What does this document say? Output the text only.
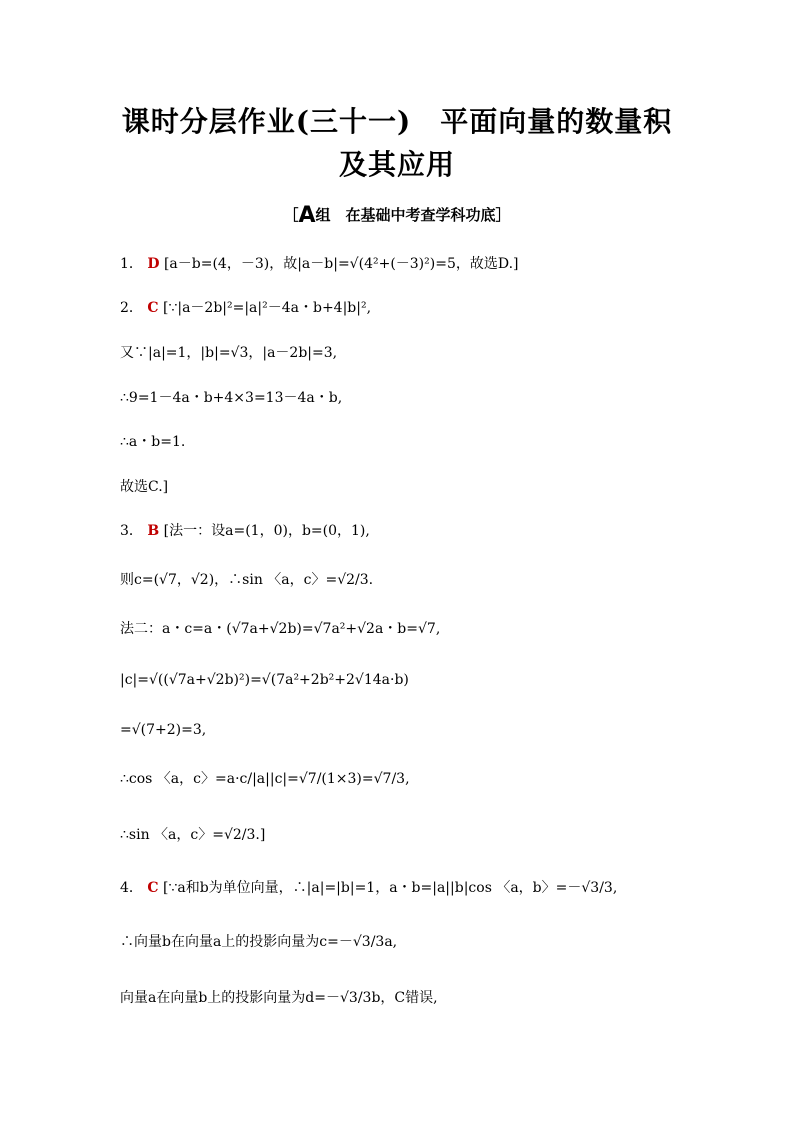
课时分层作业(三十一)　平面向量的数量积
及其应用
［A组　在基础中考查学科功底］
1． D [a－b=(4，－3)，故|a－b|=√(4²+(－3)²)=5，故选D.]
2． C [∵|a－2b|²=|a|²－4a・b+4|b|²,
又∵|a|=1，|b|=√3，|a－2b|=3,
∴9=1－4a・b+4×3=13－4a・b,
∴a・b=1.
故选C.]
3． B [法一：设a=(1，0)，b=(0，1),
则c=(√7，√2)，∴sin 〈a，c〉=√2/3.
法二：a・c=a・(√7a+√2b)=√7a²+√2a・b=√7,
|c|=√((√7a+√2b)²)=√(7a²+2b²+2√14a·b)
=√(7+2)=3,
∴cos 〈a，c〉=a·c/|a||c|=√7/(1×3)=√7/3,
∴sin 〈a，c〉=√2/3.]
4． C [∵a和b为单位向量，∴|a|=|b|=1，a・b=|a||b|cos 〈a，b〉=－√3/3,
∴向量b在向量a上的投影向量为c=－√3/3a,
向量a在向量b上的投影向量为d=－√3/3b，C错误,
